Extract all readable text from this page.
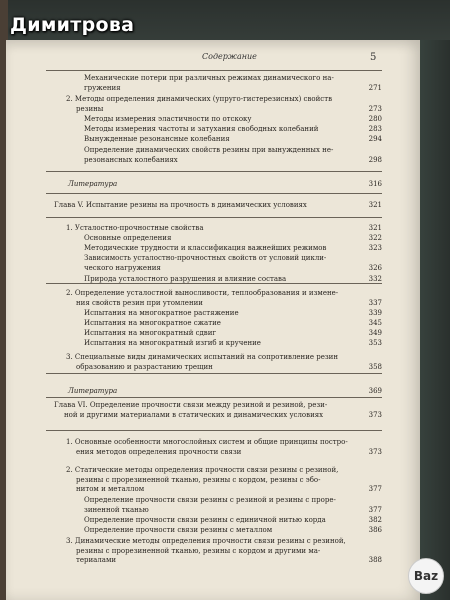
Содержание	5
Механические потери при различных режимах динамического на-
гружения	271
2. Методы определения динамических (упруго-гистерезисных) свойств
резины	273
Методы измерения эластичности по отскоку	280
Методы измерения частоты и затухания свободных колебаний	283
Вынужденные резонансные колебания	294
Определение динамических свойств резины при вынужденных не-
резонансных колебаниях	298
Литература	316
Глава V. Испытание резины на прочность в динамических условиях	321
1. Усталостно-прочностные свойства	321
Основные определения	322
Методические трудности и классификация важнейших режимов	323
Зависимость усталостно-прочностных свойств от условий цикли-
ческого нагружения	326
Природа усталостного разрушения и влияние состава	332
2. Определение усталостной выносливости, теплообразования и измене-
ния свойств резин при утомлении	337
Испытания на многократное растяжение	339
Испытания на многократное сжатие	345
Испытания на многократный сдвиг	349
Испытания на многократный изгиб и кручение	353
3. Специальные виды динамических испытаний на сопротивление резин
образованию и разрастанию трещин	358
Литература	369
Глава VI. Определение прочности связи между резиной и резиной, рези-
ной и другими материалами в статических и динамических условиях	373
1. Основные особенности многослойных систем и общие принципы постро-
ения методов определения прочности связи	373
2. Статические методы определения прочности связи резины с резиной,
резины с прорезиненной тканью, резины с кордом, резины с эбо-
нитом и металлом	377
Определение прочности связи резины с резиной и резины с проре-
зиненной тканью	377
Определение прочности связи резины с единичной нитью корда	382
Определение прочности связи резины с металлом	386
3. Динамические методы определения прочности связи резины с резиной,
резины с прорезиненной тканью, резины с кордом и другими ма-
териалами	388
Димитрова
Baz
